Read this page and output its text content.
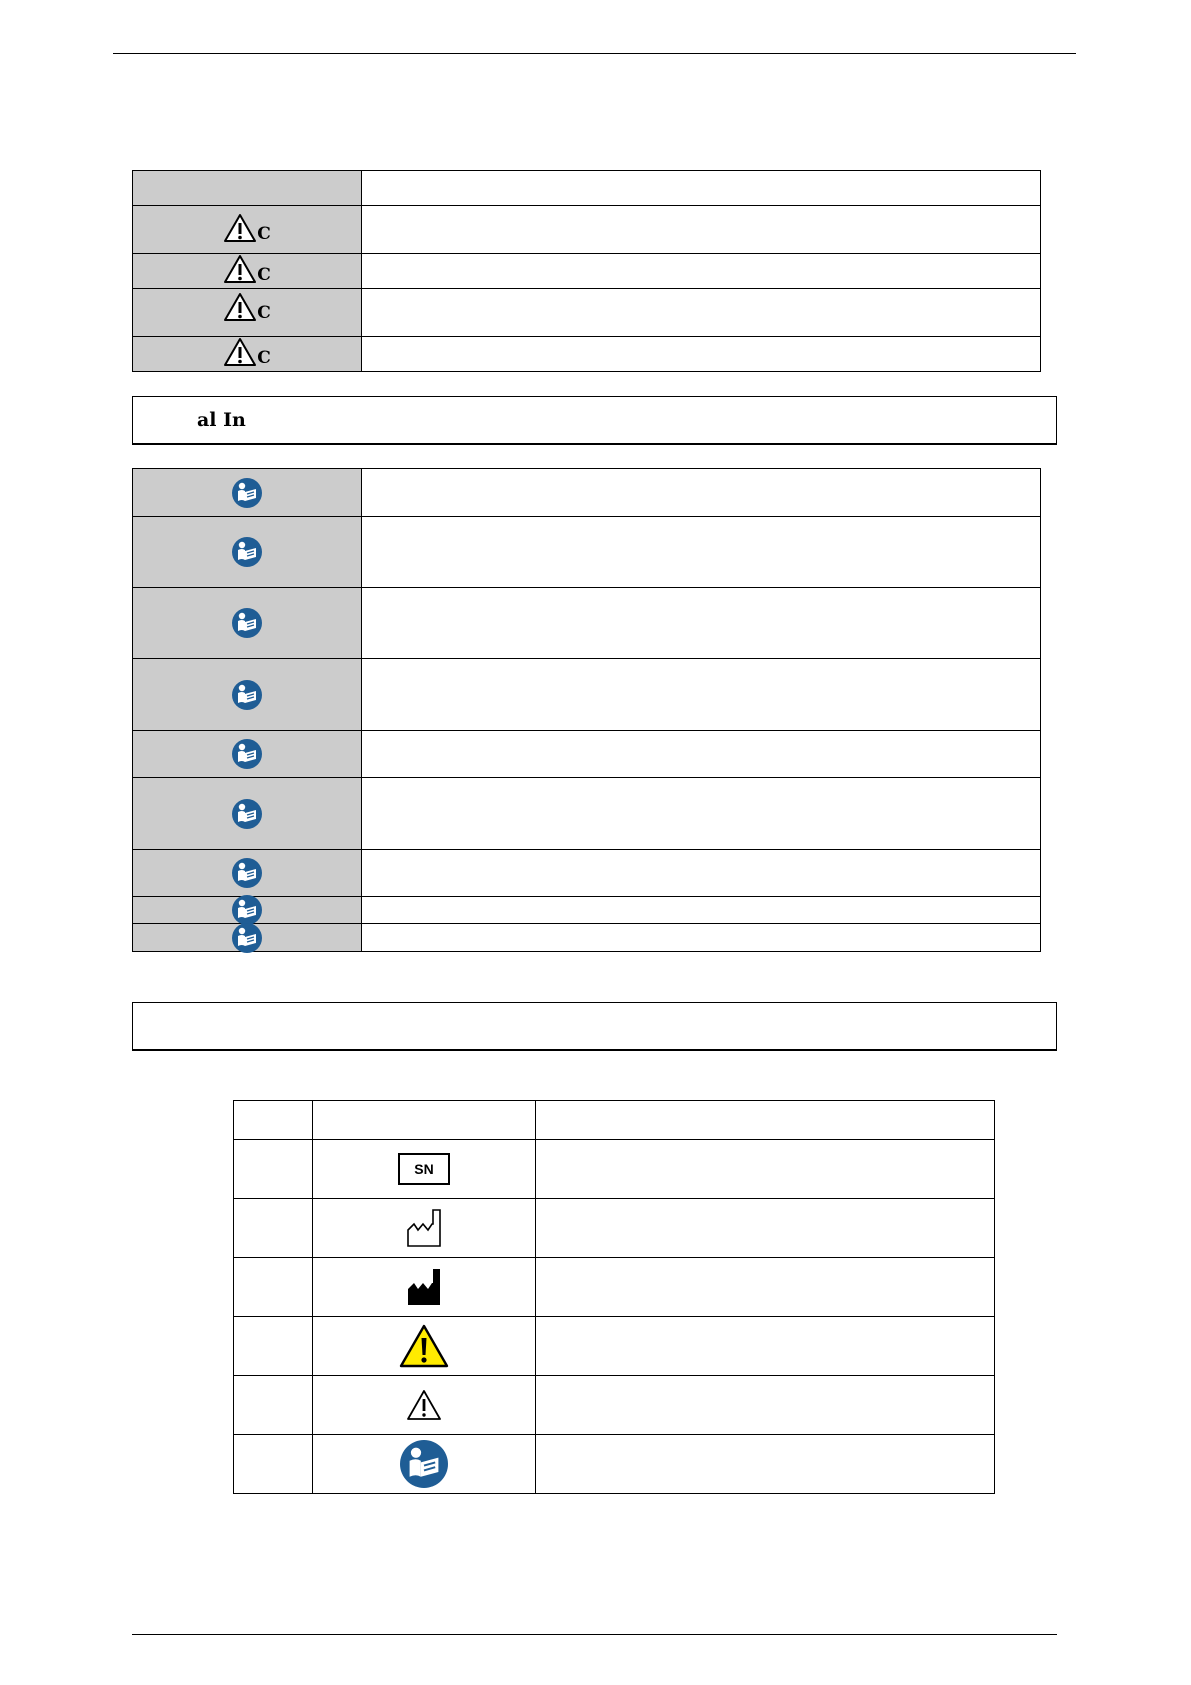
C	

C	

C	

C	

al In

	SN	
